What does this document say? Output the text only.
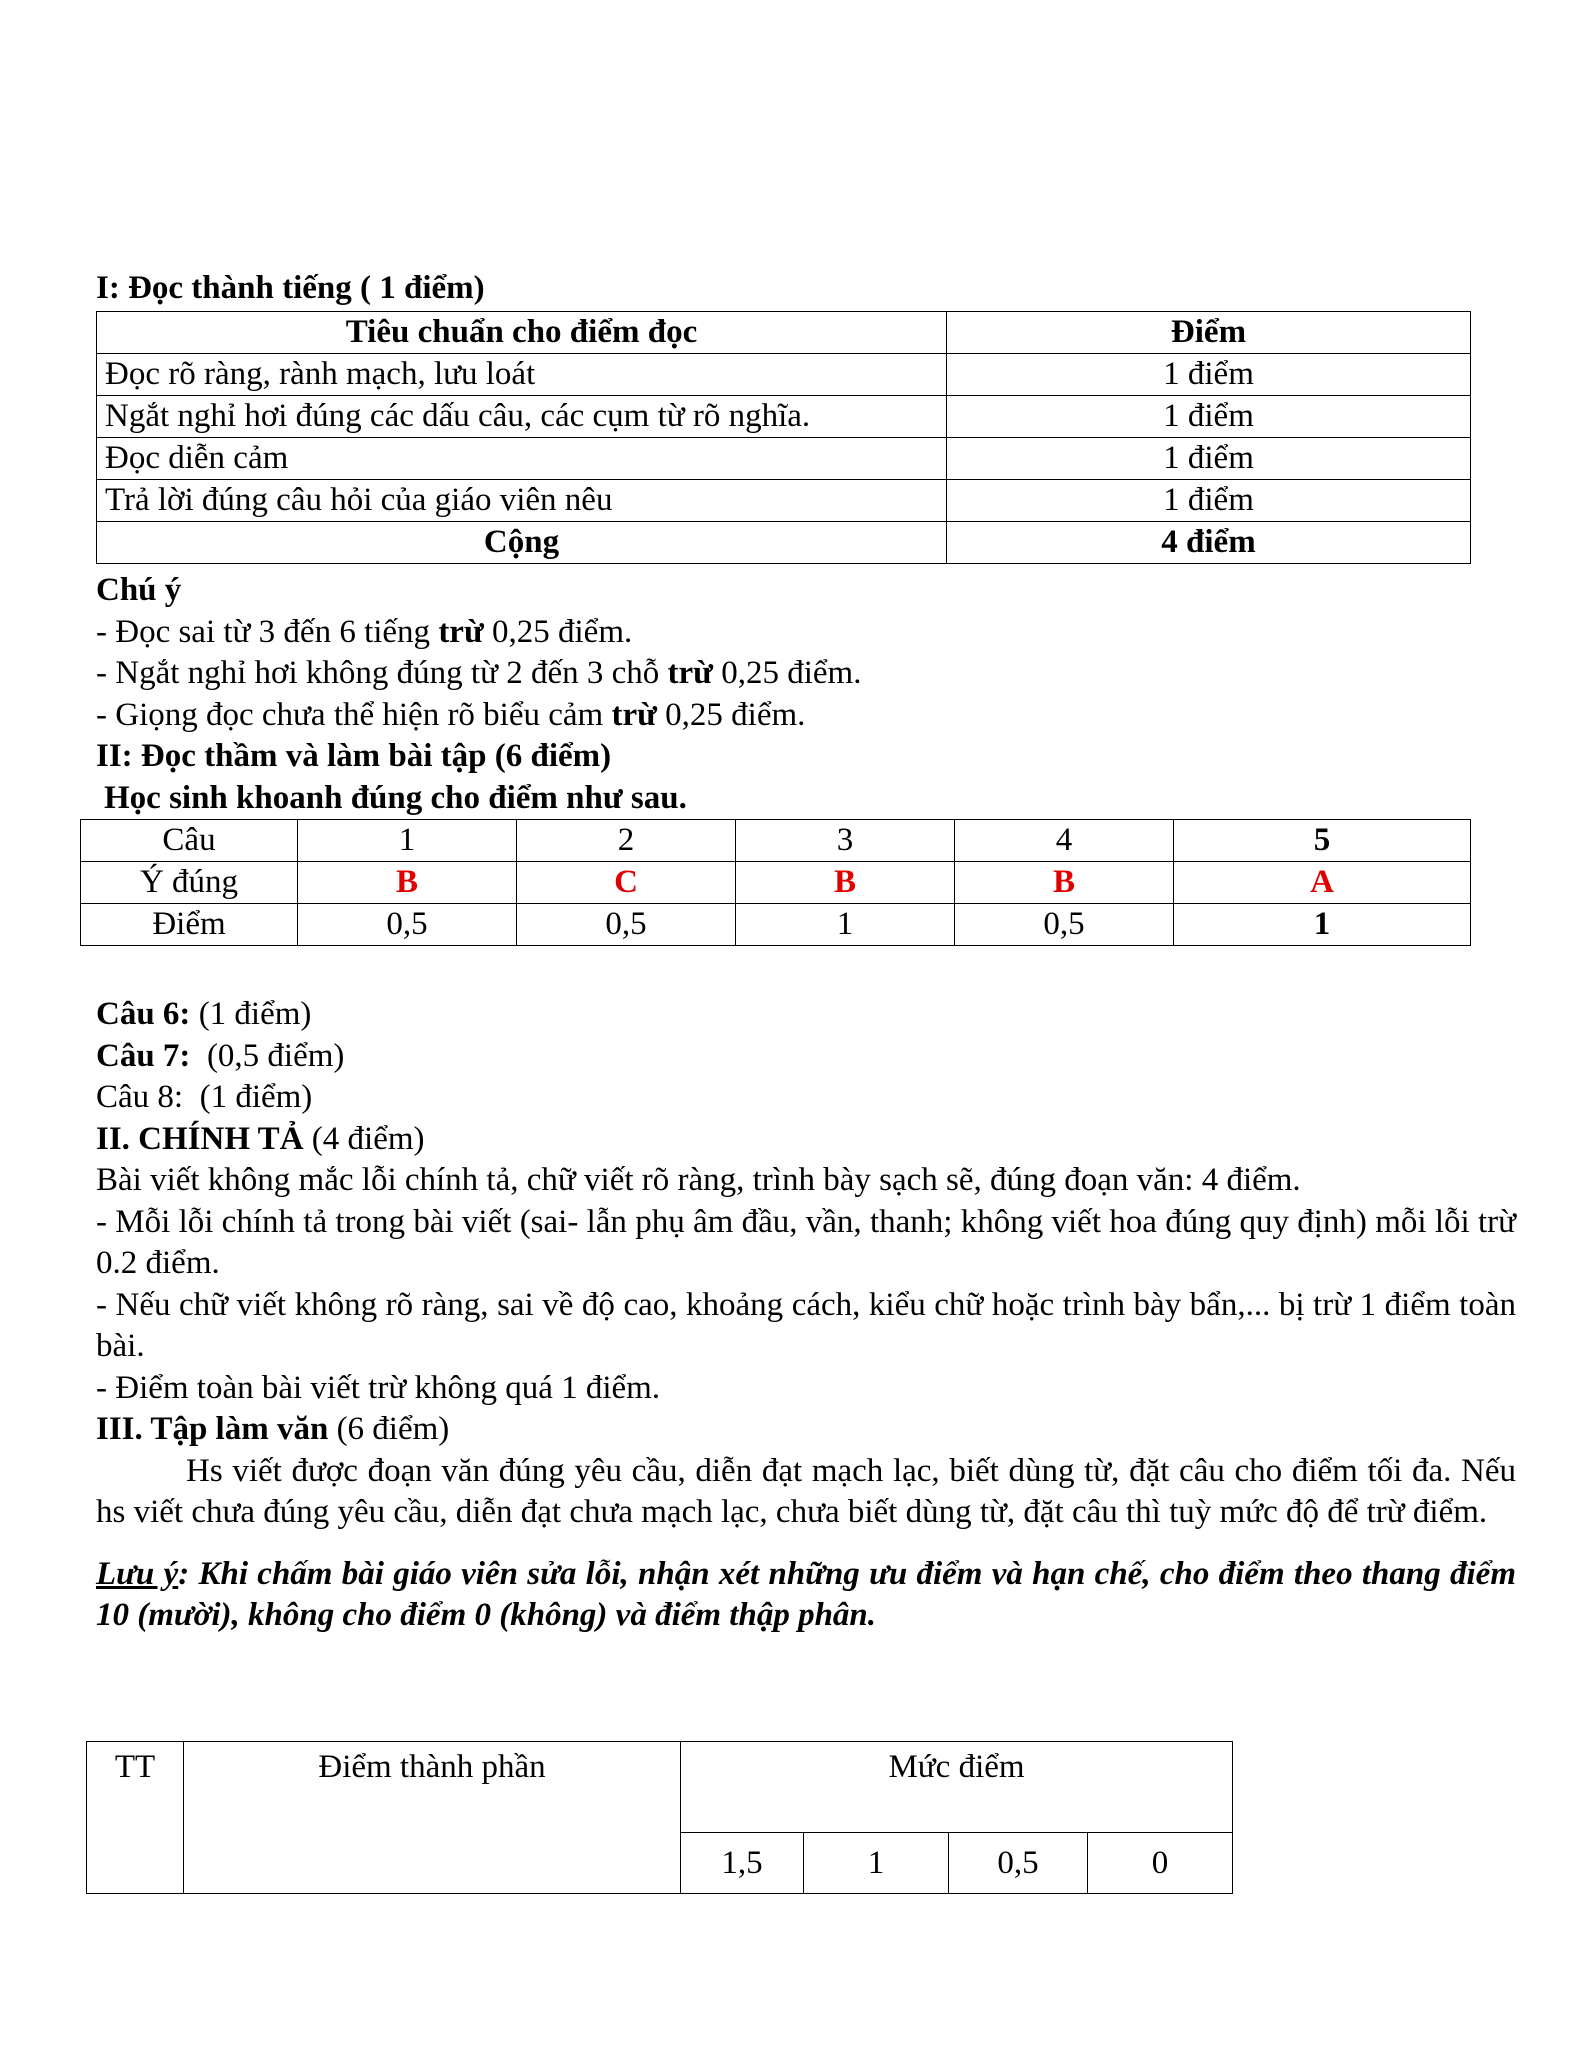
I: Đọc thành tiếng ( 1 điểm)
Tiêu chuẩn cho điểm đọc	Điểm
Đọc rõ ràng, rành mạch, lưu loát	1 điểm
Ngắt nghỉ hơi đúng các dấu câu, các cụm từ rõ nghĩa.	1 điểm
Đọc diễn cảm	1 điểm
Trả lời đúng câu hỏi của giáo viên nêu	1 điểm
Cộng	4 điểm

Chú ý

- Đọc sai từ 3 đến 6 tiếng trừ 0,25 điểm.

- Ngắt nghỉ hơi không đúng từ 2 đến 3 chỗ trừ 0,25 điểm.

- Giọng đọc chưa thể hiện rõ biểu cảm trừ 0,25 điểm.

II: Đọc thầm và làm bài tập (6 điểm)

Học sinh khoanh đúng cho điểm như sau.

Câu	1	2	3	4	5
Ý đúng	B	C	B	B	A
Điểm	0,5	0,5	1	0,5	1

Câu 6: (1 điểm)

Câu 7:  (0,5 điểm)

Câu 8:  (1 điểm)

II. CHÍNH TẢ (4 điểm)

Bài viết không mắc lỗi chính tả, chữ viết rõ ràng, trình bày sạch sẽ, đúng đoạn văn: 4 điểm.

- Mỗi lỗi chính tả trong bài viết (sai- lẫn phụ âm đầu, vần, thanh; không viết hoa đúng quy định) mỗi lỗi trừ 0.2 điểm.

- Nếu chữ viết không rõ ràng, sai về độ cao, khoảng cách, kiểu chữ hoặc trình bày bẩn,... bị trừ 1 điểm toàn bài.

- Điểm toàn bài viết trừ không quá 1 điểm.

III. Tập làm văn (6 điểm)

Hs viết được đoạn văn đúng yêu cầu, diễn đạt mạch lạc, biết dùng từ, đặt câu cho điểm tối đa. Nếu hs viết chưa đúng yêu cầu, diễn đạt chưa mạch lạc, chưa biết dùng từ, đặt câu thì tuỳ mức độ để trừ điểm.

Lưu ý: Khi chấm bài giáo viên sửa lỗi, nhận xét những ưu điểm và hạn chế, cho điểm theo thang điểm 10 (mười), không cho điểm 0 (không) và điểm thập phân.

TT	Điểm thành phần	Mức điểm			
		1,5	1	0,5	0
